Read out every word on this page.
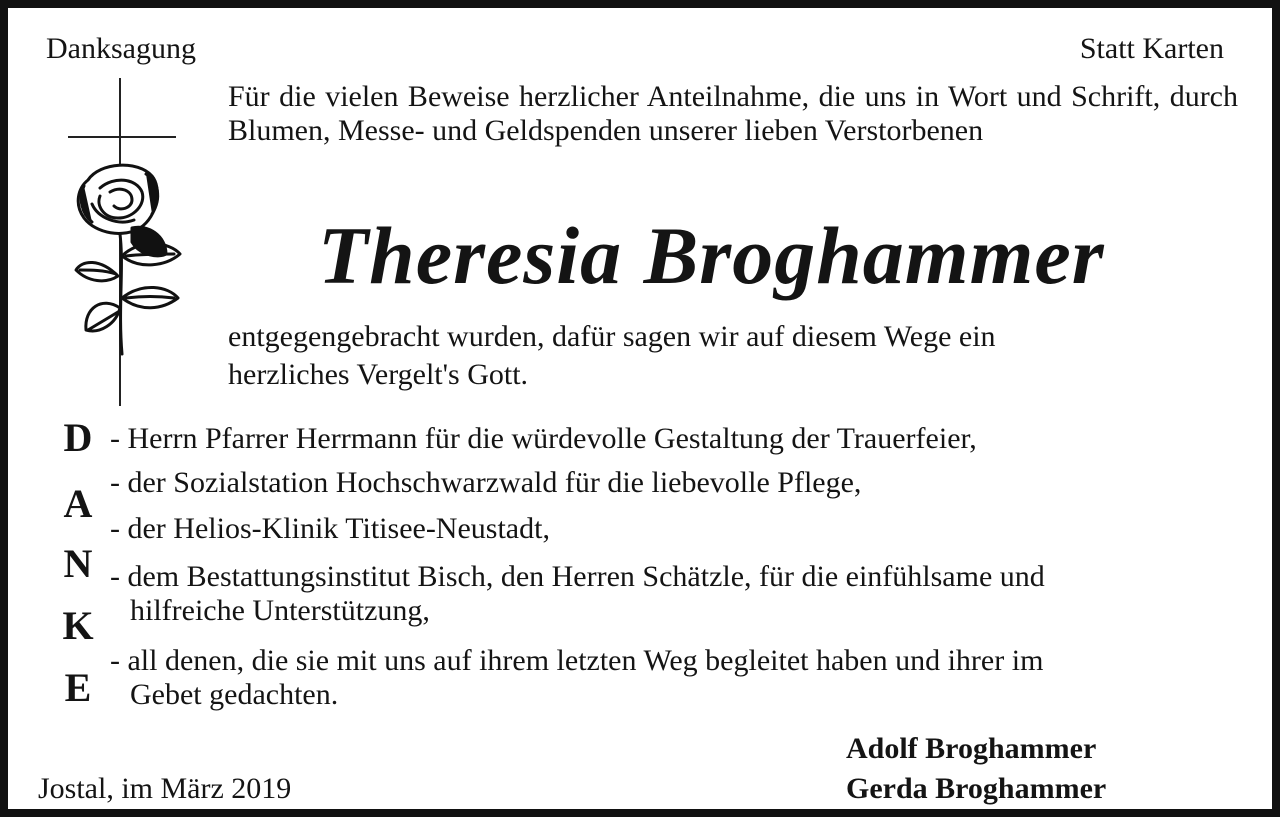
Danksagung	Statt Karten
Für die vielen Beweise herzlicher Anteilnahme, die uns in Wort und Schrift, durch Blumen, Messe- und Geldspenden unserer lieben Verstorbenen
Theresia Broghammer
entgegengebracht wurden, dafür sagen wir auf diesem Wege ein
herzliches Vergelt's Gott.
D
A
N
K
E
- Herrn Pfarrer Herrmann für die würdevolle Gestaltung der Trauerfeier,
- der Sozialstation Hochschwarzwald für die liebevolle Pflege,
- der Helios-Klinik Titisee-Neustadt,
- dem Bestattungsinstitut Bisch, den Herren Schätzle, für die einfühlsame und
hilfreiche Unterstützung,
- all denen, die sie mit uns auf ihrem letzten Weg begleitet haben und ihrer im
Gebet gedachten.
Adolf Broghammer
Gerda Broghammer
Jostal, im März 2019
